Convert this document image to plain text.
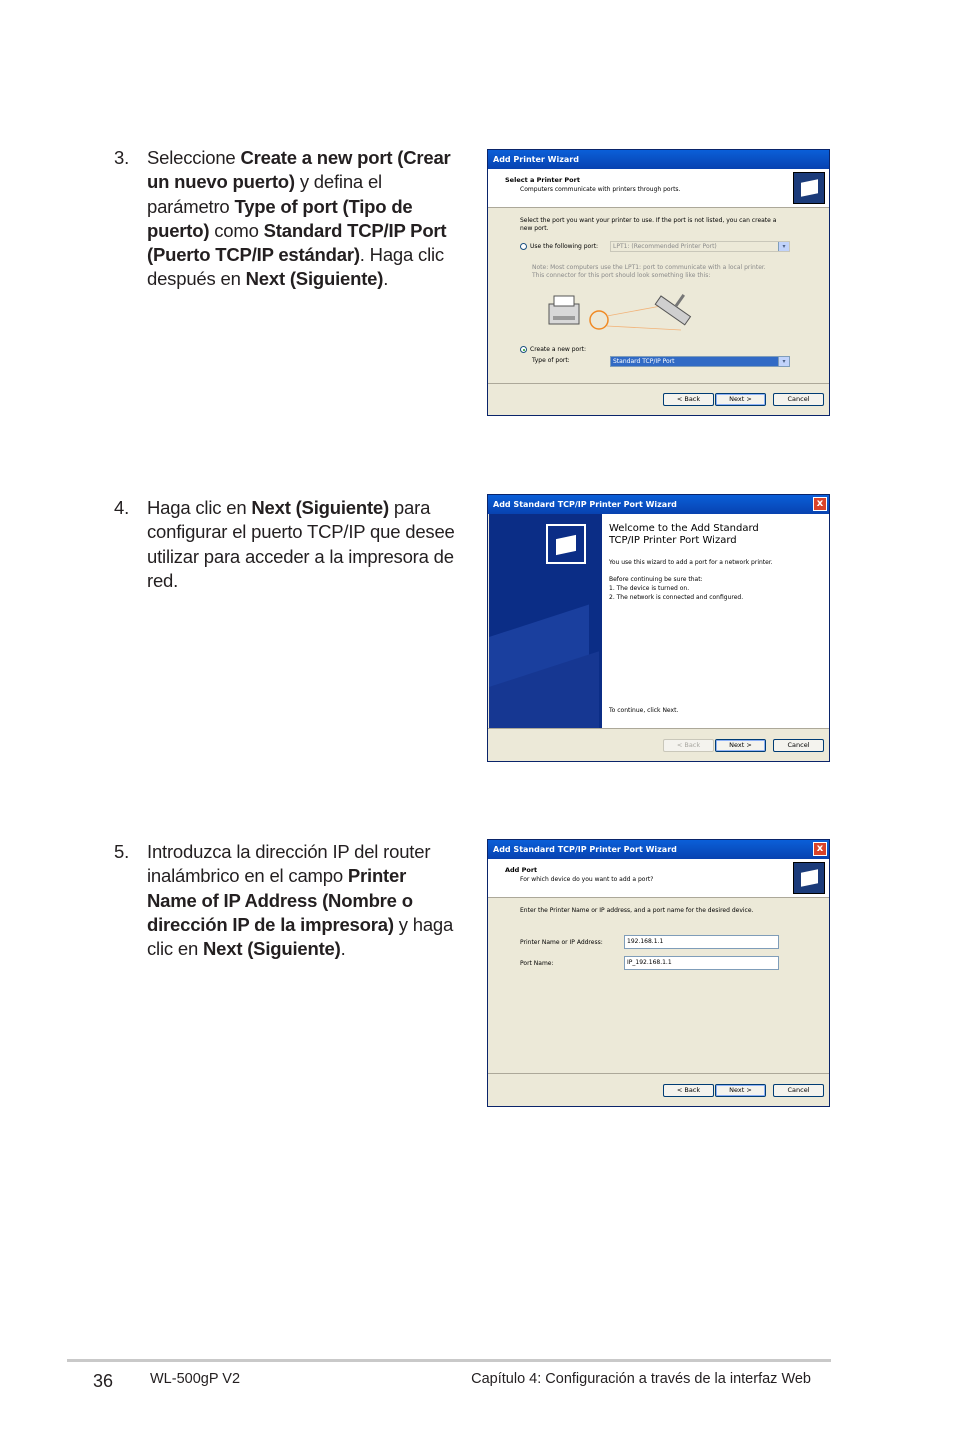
3. Seleccione Create a new port (Crear un nuevo puerto) y defina el parámetro Type of port (Tipo de puerto) como Standard TCP/IP Port (Puerto TCP/IP estándar). Haga clic después en Next (Siguiente).
Add Printer Wizard
Select a Printer Port
Computers communicate with printers through ports.
Select the port you want your printer to use. If the port is not listed, you can create a
new port.
Use the following port:	LPT1: (Recommended Printer Port)	▾
Note: Most computers use the LPT1: port to communicate with a local printer.
This connector for this port should look something like this:
Create a new port:
Type of port:	Standard TCP/IP Port	▾
< Back	Next >	Cancel
4. Haga clic en Next (Siguiente) para configurar el puerto TCP/IP que desee utilizar para acceder a la impresora de red.
Add Standard TCP/IP Printer Port Wizard	x
Welcome to the Add Standard
TCP/IP Printer Port Wizard
You use this wizard to add a port for a network printer.
Before continuing be sure that:
1. The device is turned on.
2. The network is connected and configured.
To continue, click Next.
< Back	Next >	Cancel
5. Introduzca la dirección IP del router inalámbrico en el campo Printer Name of IP Address (Nombre o dirección IP de la impresora) y haga clic en Next (Siguiente).
Add Standard TCP/IP Printer Port Wizard	x
Add Port
For which device do you want to add a port?
Enter the Printer Name or IP address, and a port name for the desired device.
Printer Name or IP Address:	192.168.1.1
Port Name:	IP_192.168.1.1
< Back	Next >	Cancel
36	WL-500gP V2	Capítulo 4: Configuración a través de la interfaz Web
